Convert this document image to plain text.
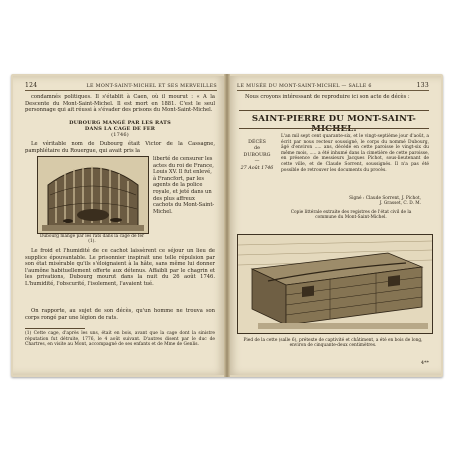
124	LE MONT-SAINT-MICHEL ET SES MERVEILLES

condamnés politiques. Il s'établit à Caen, où il mourut : « A la Descente du Mont-Saint-Michel. Il est mort en 1881. C'est le seul personnage qui ait réussi à s'évader des prisons du Mont-Saint-Michel.

DUBOURG MANGÉ PAR LES RATS
DANS LA CAGE DE FER
(1746)

Le véritable nom de Dubourg était Victor de la Cassagne, pamphlétaire du Rouergue, qui avait pris la

Dubourg mangé par les rats dans la cage de fer (1).

liberté de censurer les actes du roi de France, Louis XV. Il fut enlevé, à Francfort, par les agents de la police royale, et jeté dans un des plus affreux cachots du Mont-Saint-Michel.

Le froid et l'humidité de ce cachot laissèrent ce séjour un lieu de supplice épouvantable. Le prisonnier inspirait une telle répulsion par son état misérable qu'ils s'éloignaient à la hâte, sans même lui donner l'aumône habituellement offerte aux détenus. Affaibli par le chagrin et les privations, Dubourg mourut dans la nuit du 26 août 1746. L'humidité, l'obscurité, l'isolement, l'avaient tué.

On rapporte, au sujet de son décès, qu'un homme ne trouva son corps rongé par une légion de rats.

(1) Cette cage, d'après les uns, était en bois, avant que la cage dont la sinistre réputation fut détruite, 1776, le 4 août suivant. D'autres disent par le duc de Chartres, en visite au Mont, accompagné de ses enfants et de Mme de Genlis.
LE MUSÉE DU MONT-SAINT-MICHEL — SALLE 6	133

Nous croyons intéressant de reproduire ici son acte de décès :

SAINT-PIERRE DU MONT-SAINT-MICHEL.
DÉCÈS
de
DUBOURG
—
27 Août 1746
L'an mil sept cent quarante-six, et le vingt-septième jour d'août, a écrit par nous recteur soussigné, le corps du nommé Dubourg, âgé d'environ ..... ans, décédé en cette paroisse le vingt-six du même mois, ..... a été inhumé dans la cimetière de cette paroisse, en présence de messieurs Jacques Pichot, sous-lieutenant de cette ville, et de Claude Sorrent, soussignés. Il n'a pas été possible de retrouver les documents du procès.
Signé : Claude Sorrent, J. Pichot,
J. Grasset, C. D. M.
Copie littérale extraite des registres de l'état civil de la commune du Mont-Saint-Michel.
Pied de la cette (salle 6), prétexte de captivité et châtiment, a été en bois de long, environ de cinquante-deux centimètres.
4**
